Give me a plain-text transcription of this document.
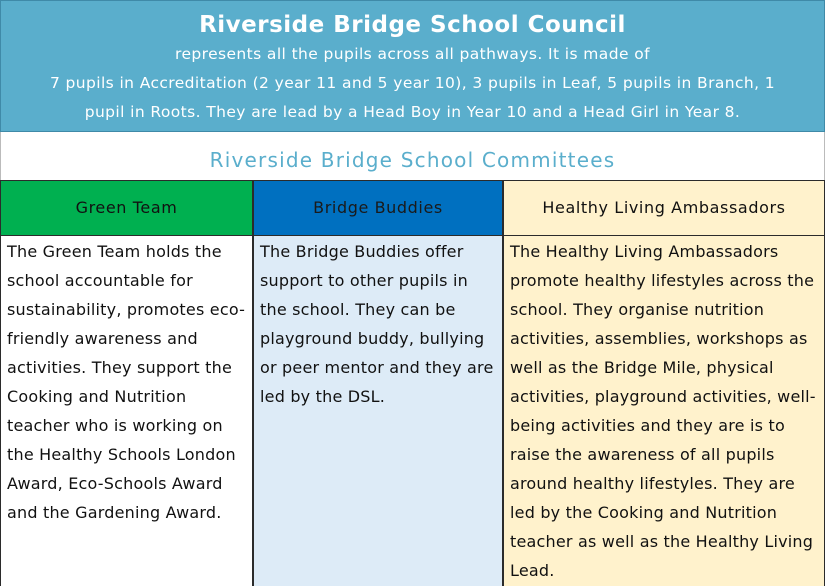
Riverside Bridge School Council
represents all the pupils across all pathways. It is made of
7 pupils in Accreditation (2 year 11 and 5 year 10), 3 pupils in Leaf, 5 pupils in Branch, 1
pupil in Roots. They are lead by a Head Boy in Year 10 and a Head Girl in Year 8.
Riverside Bridge School Committees
Green Team
The Green Team holds the school accountable for sustainability, promotes eco-friendly awareness and activities. They support the Cooking and Nutrition teacher who is working on the Healthy Schools London Award, Eco-Schools Award and the Gardening Award.
Bridge Buddies
The Bridge Buddies offer support to other pupils in the school. They can be playground buddy, bullying or peer mentor and they are led by the DSL.
Healthy Living Ambassadors
The Healthy Living Ambassadors promote healthy lifestyles across the school. They organise nutrition activities, assemblies, workshops as well as the Bridge Mile, physical activities, playground activities, well-being activities and they are is to raise the awareness of all pupils around healthy lifestyles. They are led by the Cooking and Nutrition teacher as well as the Healthy Living Lead.
